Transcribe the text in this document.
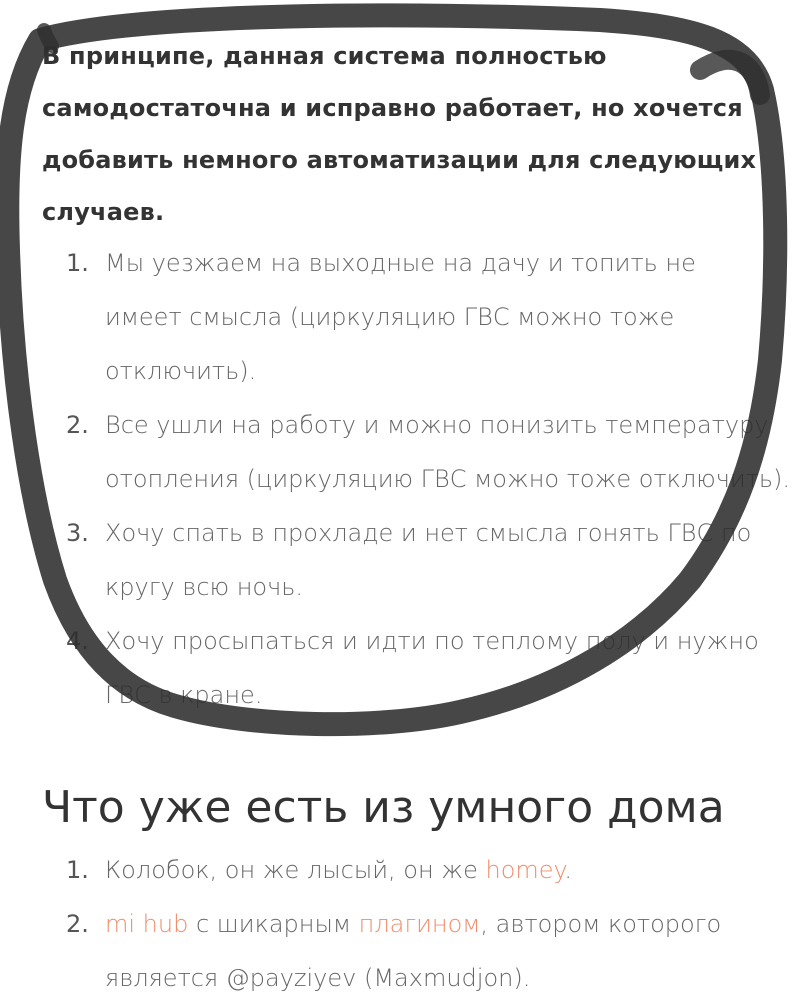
В принципе, данная система полностью
самодостаточна и исправно работает, но хочется
добавить немного автоматизации для следующих
случаев.

1. Мы уезжаем на выходные на дачу и топить не
имеет смысла (циркуляцию ГВС можно тоже
отключить).
2. Все ушли на работу и можно понизить температуру
отопления (циркуляцию ГВС можно тоже отключить).
3. Хочу спать в прохладе и нет смысла гонять ГВС по
кругу всю ночь.
4. Хочу просыпаться и идти по теплому полу и нужно
ГВС в кране.
Что уже есть из умного дома
1. Колобок, он же лысый, он же homey.
2. mi hub с шикарным плагином, автором которого
является @payziyev (Maxmudjon).
